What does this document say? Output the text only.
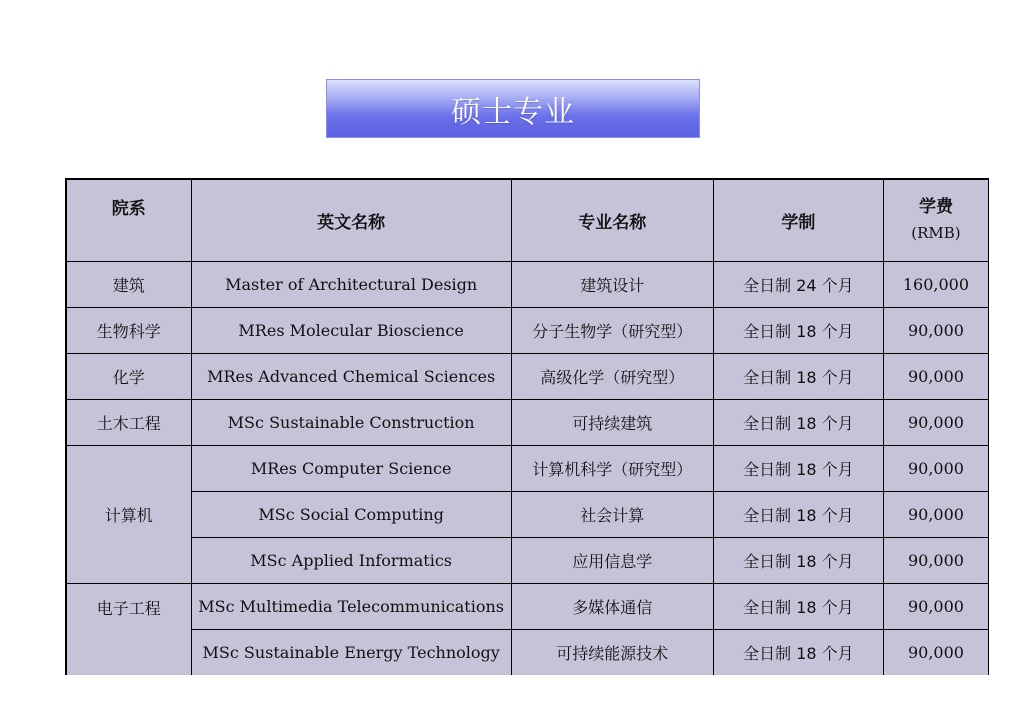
硕士专业
院系	英文名称	专业名称	学制	学费
(RMB)

建筑	Master of Architectural Design	建筑设计	全日制 24 个月	160,000
生物科学	MRes Molecular Bioscience	分子生物学（研究型）	全日制 18 个月	90,000
化学	MRes Advanced Chemical Sciences	高级化学（研究型）	全日制 18 个月	90,000
土木工程	MSc Sustainable Construction	可持续建筑	全日制 18 个月	90,000
计算机	MRes Computer Science	计算机科学（研究型）	全日制 18 个月	90,000
	MSc Social Computing	社会计算	全日制 18 个月	90,000
	MSc Applied Informatics	应用信息学	全日制 18 个月	90,000
电子工程	MSc Multimedia Telecommunications	多媒体通信	全日制 18 个月	90,000
	MSc Sustainable Energy Technology	可持续能源技术	全日制 18 个月	90,000
